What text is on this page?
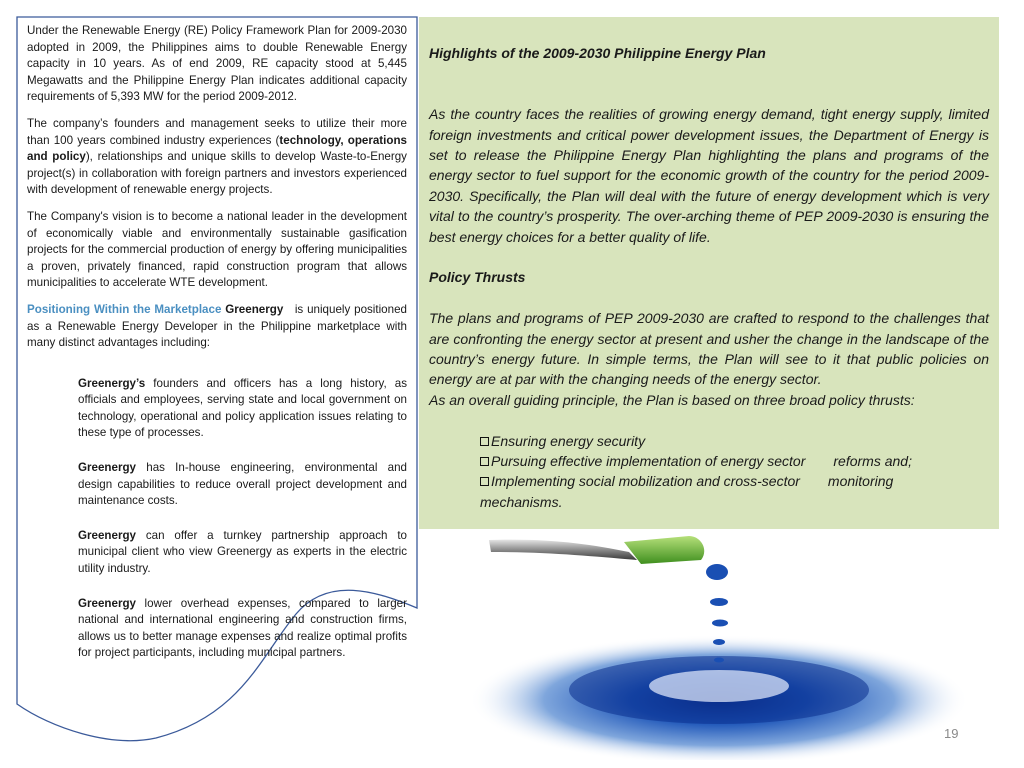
Under the Renewable Energy (RE) Policy Framework Plan for 2009-2030 adopted in 2009, the Philippines aims to double Renewable Energy capacity in 10 years. As of end 2009, RE capacity stood at 5,445 Megawatts and the Philippine Energy Plan indicates additional capacity requirements of 5,393 MW for the period 2009-2012.

The company’s founders and management seeks to utilize their more than 100 years combined industry experiences (technology, operations and policy), relationships and unique skills to develop Waste-to-Energy project(s) in collaboration with foreign partners and investors experienced with development of renewable energy projects.

The Company's vision is to become a national leader in the development of economically viable and environmentally sustainable gasification projects for the commercial production of energy by offering municipalities a proven, privately financed, rapid construction program that allows municipalities to accelerate WTE development.

Positioning Within the Marketplace Greenergy is uniquely positioned as a Renewable Energy Developer in the Philippine marketplace with many distinct advantages including:

Greenergy’s founders and officers has a long history, as officials and employees, serving state and local government on technology, operational and policy application issues relating to these type of processes.

Greenergy has In-house engineering, environmental and design capabilities to reduce overall project development and maintenance costs.

Greenergy can offer a turnkey partnership approach to municipal client who view Greenergy as experts in the electric utility industry.

Greenergy lower overhead expenses, compared to larger national and international engineering and construction firms, allows us to better manage expenses and realize optimal profits for project participants, including municipal partners.

Highlights of the 2009-2030 Philippine Energy Plan

As the country faces the realities of growing energy demand, tight energy supply, limited foreign investments and critical power development issues, the Department of Energy is set to release the Philippine Energy Plan highlighting the plans and programs of the energy sector to fuel support for the economic growth of the country for the period 2009-2030. Specifically, the Plan will deal with the future of energy development which is very vital to the country’s prosperity. The over-arching theme of PEP 2009-2030 is ensuring the best energy choices for a better quality of life.

Policy Thrusts

The plans and programs of PEP 2009-2030 are crafted to respond to the challenges that are confronting the energy sector at present and usher the change in the landscape of the country’s energy future. In simple terms, the Plan will see to it that public policies on energy are at par with the changing needs of the energy sector.

As an overall guiding principle, the Plan is based on three broad policy thrusts:

Ensuring energy security

Pursuing effective implementation of energy sector reforms and;

Implementing social mobilization and cross-sector monitoring

mechanisms.

19
